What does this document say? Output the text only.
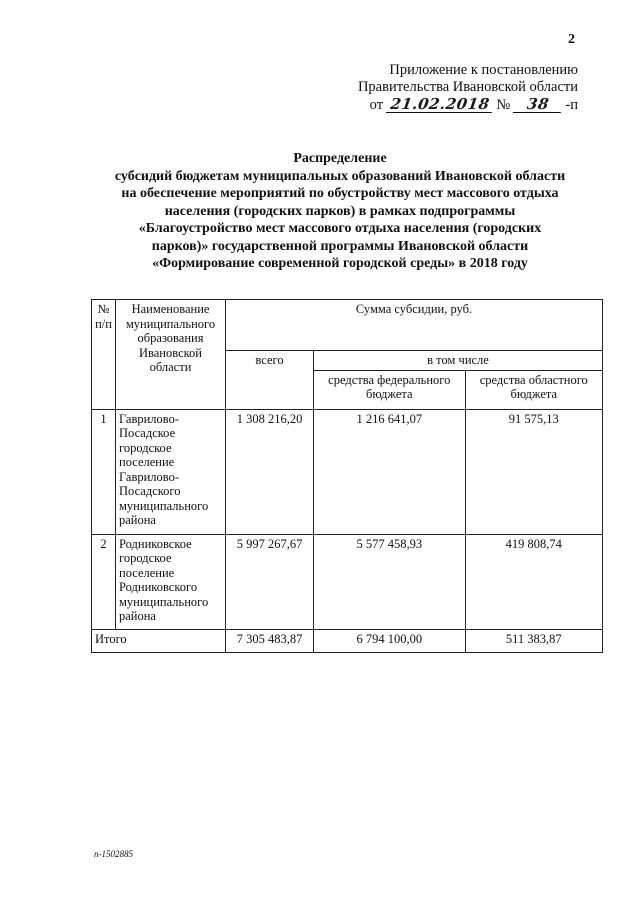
2
Приложение к постановлению
Правительства Ивановской области
от 21.02.2018 № 38 -п
Распределение
субсидий бюджетам муниципальных образований Ивановской области
на обеспечение мероприятий по обустройству мест массового отдыха
населения (городских парков) в рамках подпрограммы
«Благоустройство мест массового отдыха населения (городских
парков)» государственной программы Ивановской области
«Формирование современной городской среды» в 2018 году
№ п/п	Наименование муниципального образования Ивановской области	Сумма субсидии, руб.		
		всего	в том числе	
			средства федерального бюджета	средства областного бюджета
1	Гаврилово-Посадское городское поселение Гаврилово-Посадского муниципального района	1 308 216,20	1 216 641,07	91 575,13
2	Родниковское городское поселение Родниковского муниципального района	5 997 267,67	5 577 458,93	419 808,74
Итого		7 305 483,87	6 794 100,00	511 383,87
п-1502885
